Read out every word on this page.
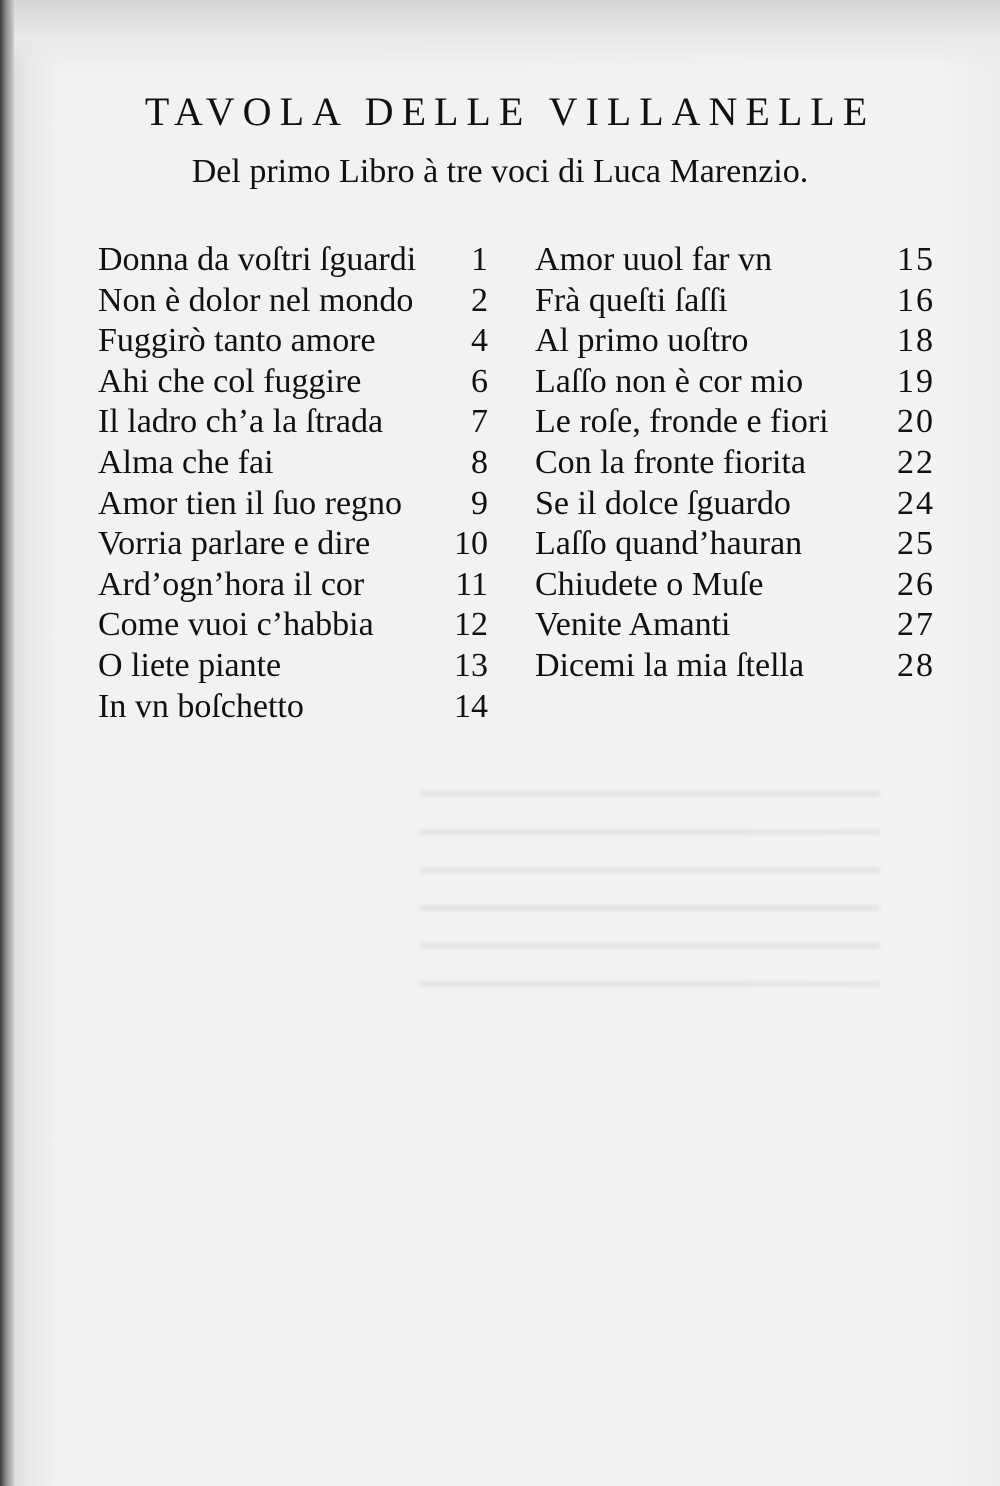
TAVOLA DELLE VILLANELLE
Del primo Libro à tre voci di Luca Marenzio.
Donna da voſtri ſguardi	1
Non è dolor nel mondo	2
Fuggirò tanto amore	4
Ahi che col fuggire	6
Il ladro ch’a la ſtrada	7
Alma che fai	8
Amor tien il ſuo regno	9
Vorria parlare e dire	10
Ard’ogn’hora il cor	11
Come vuoi c’habbia	12
O liete piante	13
In vn boſchetto	14
Amor uuol far vn	15
Frà queſti ſaſſi	16
Al primo uoſtro	18
Laſſo non è cor mio	19
Le roſe, fronde e fiori	20
Con la fronte fiorita	22
Se il dolce ſguardo	24
Laſſo quand’hauran	25
Chiudete o Muſe	26
Venite Amanti	27
Dicemi la mia ſtella	28
